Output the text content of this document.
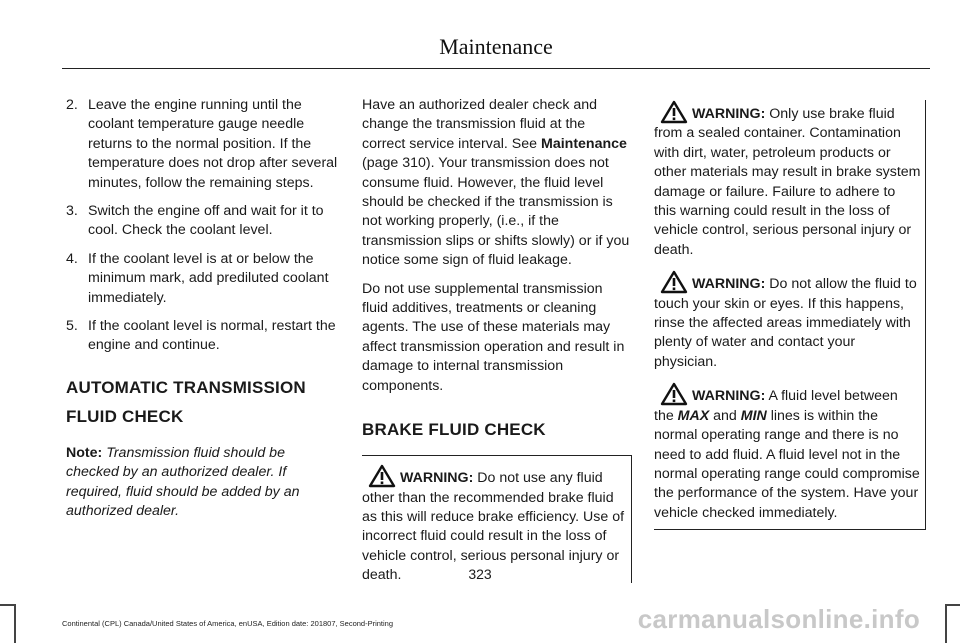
Maintenance
2. Leave the engine running until the coolant temperature gauge needle returns to the normal position. If the temperature does not drop after several minutes, follow the remaining steps.
3. Switch the engine off and wait for it to cool. Check the coolant level.
4. If the coolant level is at or below the minimum mark, add prediluted coolant immediately.
5. If the coolant level is normal, restart the engine and continue.
AUTOMATIC TRANSMISSION
FLUID CHECK
Note: Transmission fluid should be checked by an authorized dealer. If required, fluid should be added by an authorized dealer.

Have an authorized dealer check and change the transmission fluid at the correct service interval. See Maintenance (page 310). Your transmission does not consume fluid. However, the fluid level should be checked if the transmission is not working properly, (i.e., if the transmission slips or shifts slowly) or if you notice some sign of fluid leakage.

Do not use supplemental transmission fluid additives, treatments or cleaning agents. The use of these materials may affect transmission operation and result in damage to internal transmission components.

BRAKE FLUID CHECK
WARNING: Do not use any fluid other than the recommended brake fluid as this will reduce brake efficiency. Use of incorrect fluid could result in the loss of vehicle control, serious personal injury or death.
WARNING: Only use brake fluid from a sealed container. Contamination with dirt, water, petroleum products or other materials may result in brake system damage or failure. Failure to adhere to this warning could result in the loss of vehicle control, serious personal injury or death.
WARNING: Do not allow the fluid to touch your skin or eyes. If this happens, rinse the affected areas immediately with plenty of water and contact your physician.
WARNING: A fluid level between the MAX and MIN lines is within the normal operating range and there is no need to add fluid. A fluid level not in the normal operating range could compromise the performance of the system. Have your vehicle checked immediately.
323
Continental (CPL) Canada/United States of America, enUSA, Edition date: 201807, Second-Printing	carmanualsonline.info
